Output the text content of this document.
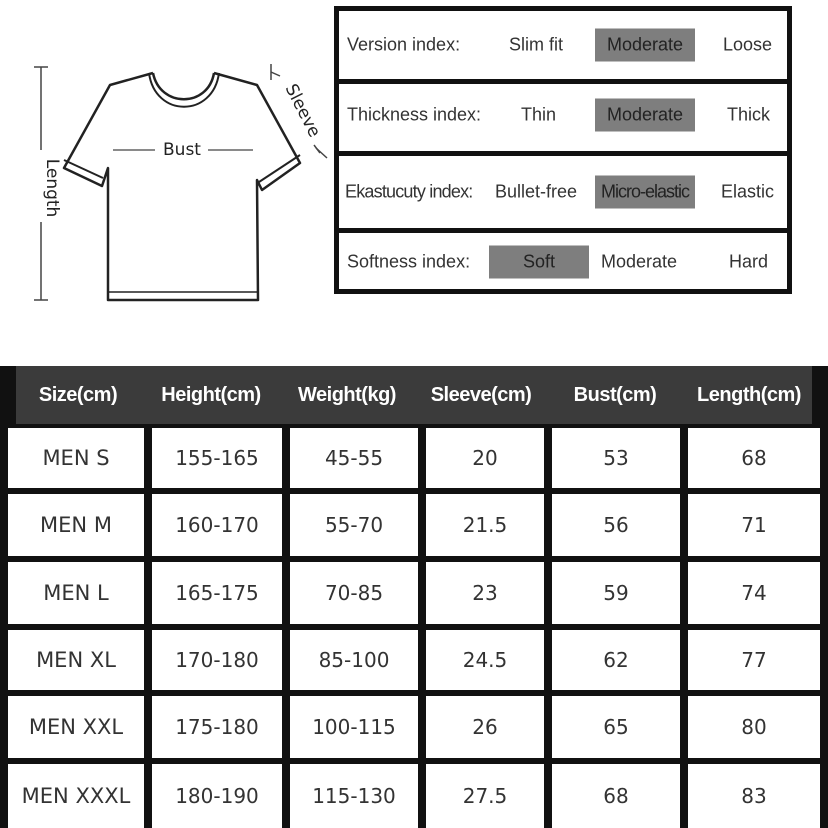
Length
Bust
Sleeve
Version index:	Slim fit	Moderate	Loose
Thickness index: Thin	Moderate	Thick
Ekastucuty index: Bullet-free	Micro-elastic	Elastic
Softness index:	Soft	Moderate	Hard
Size(cm)	Height(cm)	Weight(kg)	Sleeve(cm)	Bust(cm)	Length(cm)
MEN S	155-165	45-55	20	53	68
MEN M	160-170	55-70	21.5	56	71
MEN L	165-175	70-85	23	59	74
MEN XL	170-180	85-100	24.5	62	77
MEN XXL	175-180	100-115	26	65	80
MEN XXXL	180-190	115-130	27.5	68	83
